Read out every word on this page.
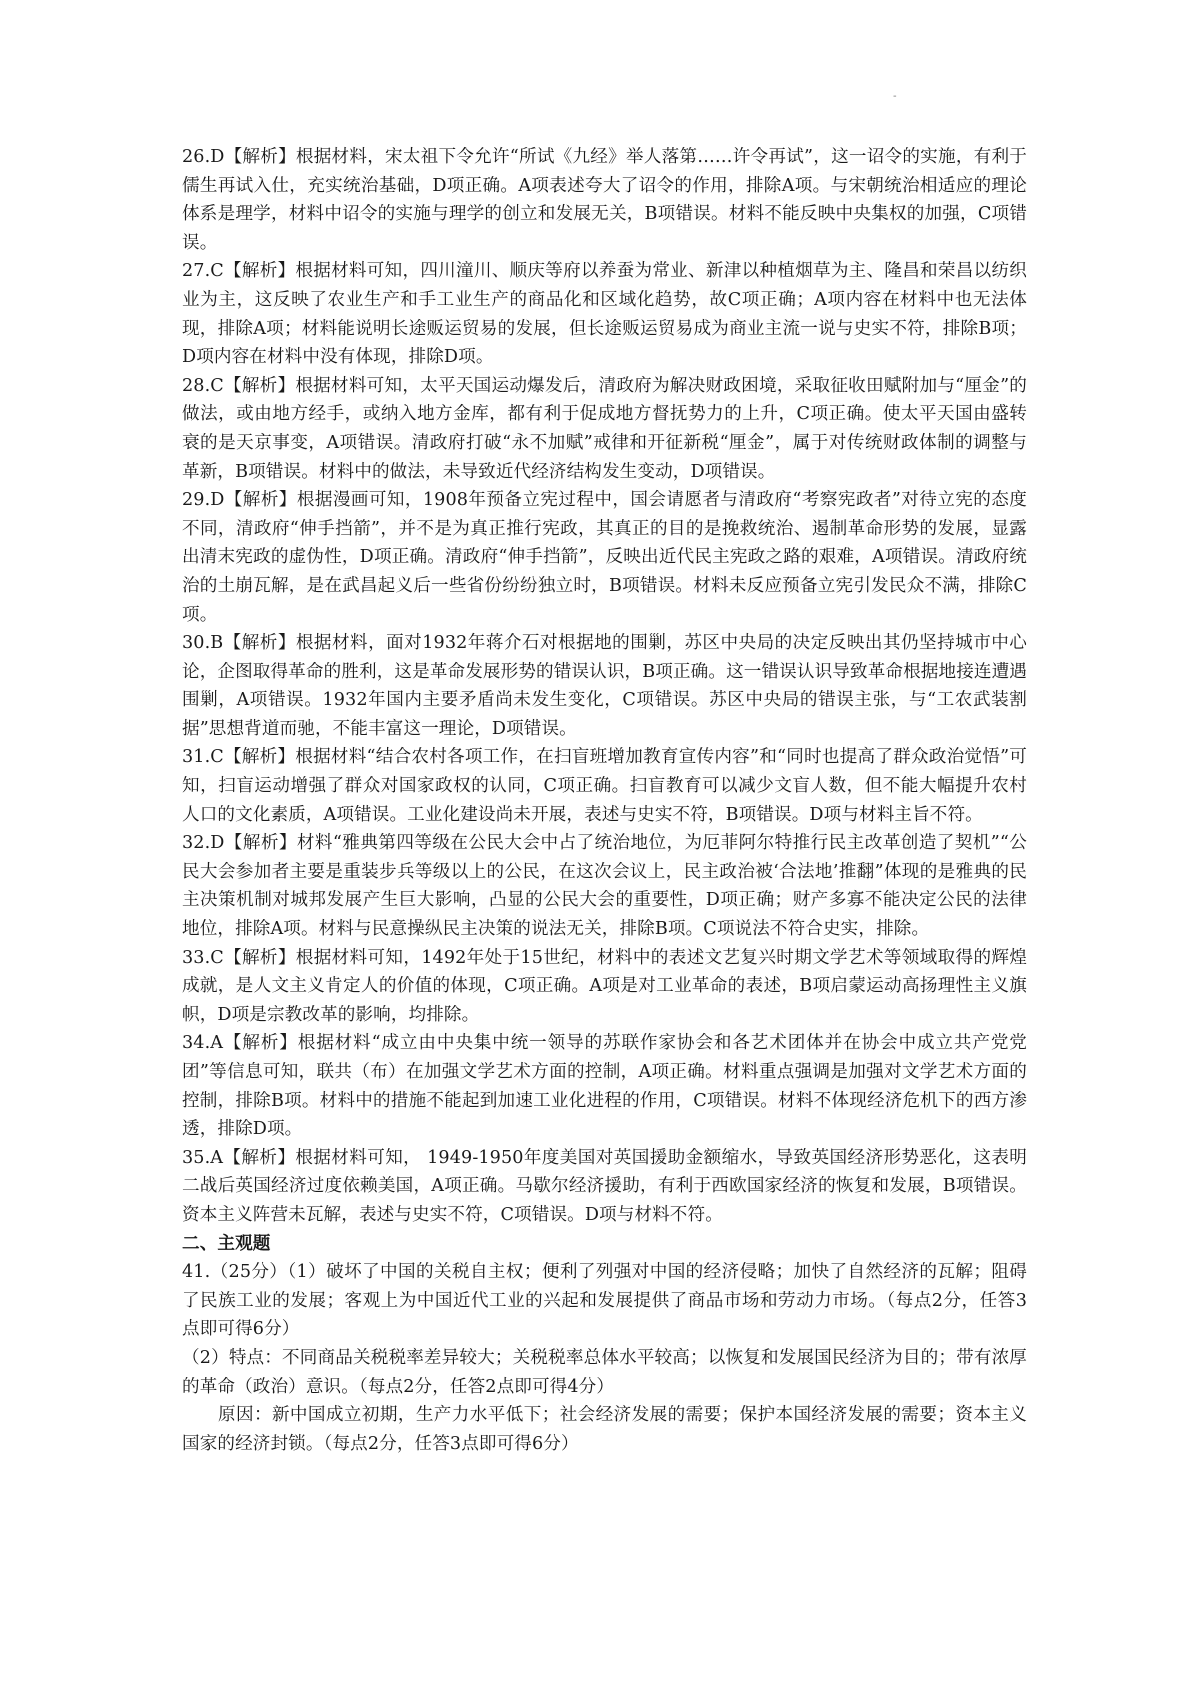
-

26.D【解析】根据材料，宋太祖下令允许“所试《九经》举人落第……许令再试”，这一诏令的实施，有利于儒生再试入仕，充实统治基础，D项正确。A项表述夸大了诏令的作用，排除A项。与宋朝统治相适应的理论体系是理学，材料中诏令的实施与理学的创立和发展无关，B项错误。材料不能反映中央集权的加强，C项错误。

27.C【解析】根据材料可知，四川潼川、顺庆等府以养蚕为常业、新津以种植烟草为主、隆昌和荣昌以纺织业为主，这反映了农业生产和手工业生产的商品化和区域化趋势，故C项正确；A项内容在材料中也无法体现，排除A项；材料能说明长途贩运贸易的发展，但长途贩运贸易成为商业主流一说与史实不符，排除B项；D项内容在材料中没有体现，排除D项。

28.C【解析】根据材料可知，太平天国运动爆发后，清政府为解决财政困境，采取征收田赋附加与“厘金”的做法，或由地方经手，或纳入地方金库，都有利于促成地方督抚势力的上升，C项正确。使太平天国由盛转衰的是天京事变，A项错误。清政府打破“永不加赋”戒律和开征新税“厘金”，属于对传统财政体制的调整与革新，B项错误。材料中的做法，未导致近代经济结构发生变动，D项错误。

29.D【解析】根据漫画可知，1908年预备立宪过程中，国会请愿者与清政府“考察宪政者”对待立宪的态度不同，清政府“伸手挡箭”，并不是为真正推行宪政，其真正的目的是挽救统治、遏制革命形势的发展，显露出清末宪政的虚伪性，D项正确。清政府“伸手挡箭”，反映出近代民主宪政之路的艰难，A项错误。清政府统治的土崩瓦解，是在武昌起义后一些省份纷纷独立时，B项错误。材料未反应预备立宪引发民众不满，排除C项。

30.B【解析】根据材料，面对1932年蒋介石对根据地的围剿，苏区中央局的决定反映出其仍坚持城市中心论，企图取得革命的胜利，这是革命发展形势的错误认识，B项正确。这一错误认识导致革命根据地接连遭遇围剿，A项错误。1932年国内主要矛盾尚未发生变化，C项错误。苏区中央局的错误主张，与“工农武装割据”思想背道而驰，不能丰富这一理论，D项错误。

31.C【解析】根据材料“结合农村各项工作，在扫盲班增加教育宣传内容”和“同时也提高了群众政治觉悟”可知，扫盲运动增强了群众对国家政权的认同，C项正确。扫盲教育可以减少文盲人数，但不能大幅提升农村人口的文化素质，A项错误。工业化建设尚未开展，表述与史实不符，B项错误。D项与材料主旨不符。

32.D【解析】材料“雅典第四等级在公民大会中占了统治地位，为厄菲阿尔特推行民主改革创造了契机”“公民大会参加者主要是重装步兵等级以上的公民，在这次会议上，民主政治被‘合法地’推翻”体现的是雅典的民主决策机制对城邦发展产生巨大影响，凸显的公民大会的重要性，D项正确；财产多寡不能决定公民的法律地位，排除A项。材料与民意操纵民主决策的说法无关，排除B项。C项说法不符合史实，排除。

33.C【解析】根据材料可知，1492年处于15世纪，材料中的表述文艺复兴时期文学艺术等领域取得的辉煌成就，是人文主义肯定人的价值的体现，C项正确。A项是对工业革命的表述，B项启蒙运动高扬理性主义旗帜，D项是宗教改革的影响，均排除。

34.A【解析】根据材料“成立由中央集中统一领导的苏联作家协会和各艺术团体并在协会中成立共产党党团”等信息可知，联共（布）在加强文学艺术方面的控制，A项正确。材料重点强调是加强对文学艺术方面的控制，排除B项。材料中的措施不能起到加速工业化进程的作用，C项错误。材料不体现经济危机下的西方渗透，排除D项。

35.A【解析】根据材料可知， 1949-1950年度美国对英国援助金额缩水，导致英国经济形势恶化，这表明二战后英国经济过度依赖美国，A项正确。马歇尔经济援助，有利于西欧国家经济的恢复和发展，B项错误。资本主义阵营未瓦解，表述与史实不符，C项错误。D项与材料不符。

二、主观题

41.（25分）（1）破坏了中国的关税自主权；便利了列强对中国的经济侵略；加快了自然经济的瓦解；阻碍了民族工业的发展；客观上为中国近代工业的兴起和发展提供了商品市场和劳动力市场。（每点2分，任答3点即可得6分）

（2）特点：不同商品关税税率差异较大；关税税率总体水平较高；以恢复和发展国民经济为目的；带有浓厚的革命（政治）意识。（每点2分，任答2点即可得4分）

原因：新中国成立初期，生产力水平低下；社会经济发展的需要；保护本国经济发展的需要；资本主义国家的经济封锁。（每点2分，任答3点即可得6分）
